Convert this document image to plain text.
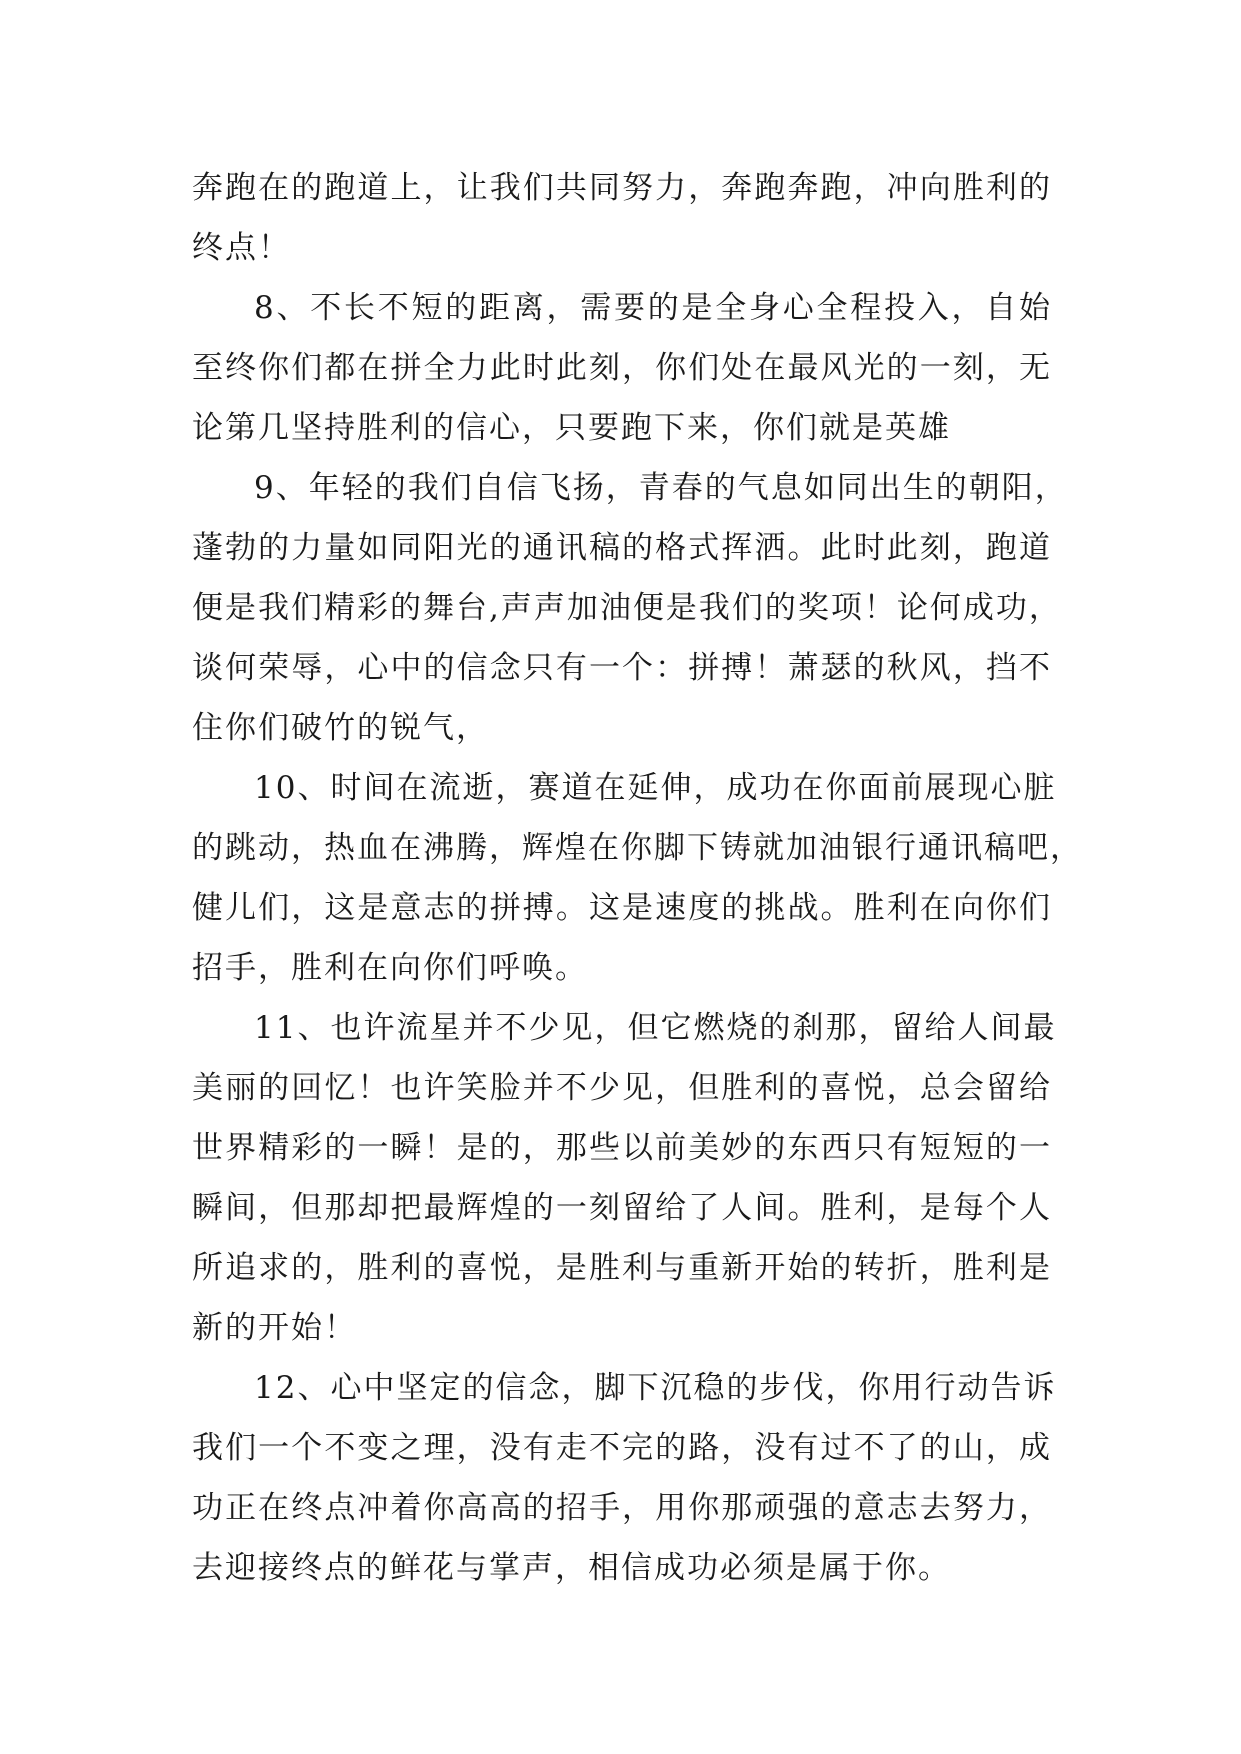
奔跑在的跑道上，让我们共同努力，奔跑奔跑，冲向胜利的
终点！
8、不长不短的距离，需要的是全身心全程投入，自始
至终你们都在拼全力此时此刻，你们处在最风光的一刻，无
论第几坚持胜利的信心，只要跑下来，你们就是英雄
9、年轻的我们自信飞扬，青春的气息如同出生的朝阳，
蓬勃的力量如同阳光的通讯稿的格式挥洒。此时此刻，跑道
便是我们精彩的舞台,声声加油便是我们的奖项！论何成功，
谈何荣辱，心中的信念只有一个：拼搏！萧瑟的秋风，挡不
住你们破竹的锐气，
10、时间在流逝，赛道在延伸，成功在你面前展现心脏
的跳动，热血在沸腾，辉煌在你脚下铸就加油银行通讯稿吧，
健儿们，这是意志的拼搏。这是速度的挑战。胜利在向你们
招手，胜利在向你们呼唤。
11、也许流星并不少见，但它燃烧的刹那，留给人间最
美丽的回忆！也许笑脸并不少见，但胜利的喜悦，总会留给
世界精彩的一瞬！是的，那些以前美妙的东西只有短短的一
瞬间，但那却把最辉煌的一刻留给了人间。胜利，是每个人
所追求的，胜利的喜悦，是胜利与重新开始的转折，胜利是
新的开始！
12、心中坚定的信念，脚下沉稳的步伐，你用行动告诉
我们一个不变之理，没有走不完的路，没有过不了的山，成
功正在终点冲着你高高的招手，用你那顽强的意志去努力，
去迎接终点的鲜花与掌声，相信成功必须是属于你。
